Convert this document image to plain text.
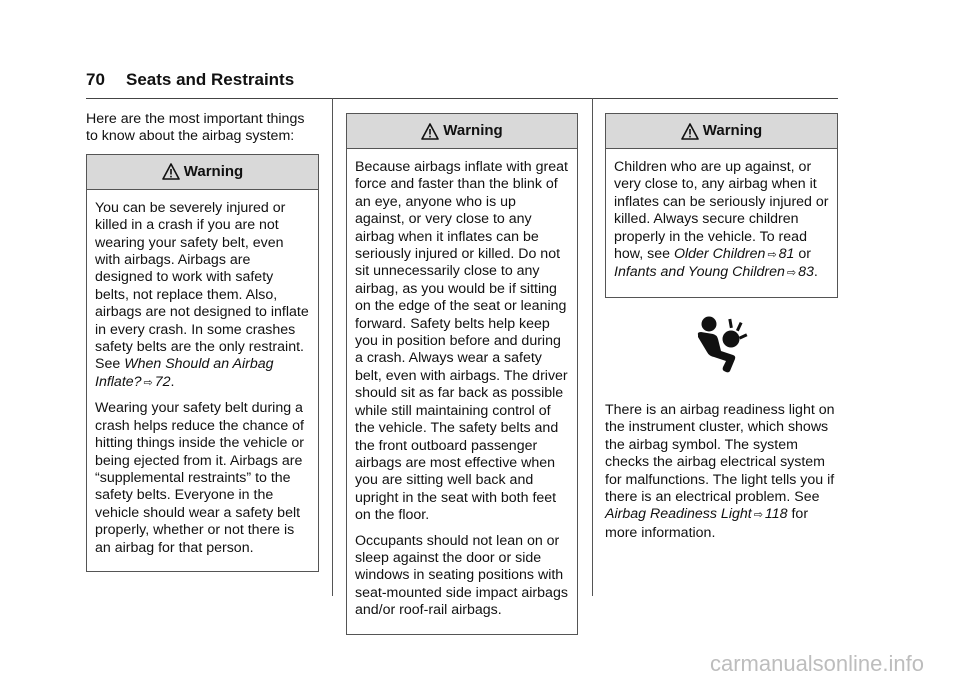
70 Seats and Restraints

Here are the most important things to know about the airbag system:

Warning

You can be severely injured or killed in a crash if you are not wearing your safety belt, even with airbags. Airbags are designed to work with safety belts, not replace them. Also, airbags are not designed to inflate in every crash. In some crashes safety belts are the only restraint. See When Should an Airbag Inflate? ⇨ 72.

Wearing your safety belt during a crash helps reduce the chance of hitting things inside the vehicle or being ejected from it. Airbags are “supplemental restraints” to the safety belts. Everyone in the vehicle should wear a safety belt properly, whether or not there is an airbag for that person.

Warning

Because airbags inflate with great force and faster than the blink of an eye, anyone who is up against, or very close to any airbag when it inflates can be seriously injured or killed. Do not sit unnecessarily close to any airbag, as you would be if sitting on the edge of the seat or leaning forward. Safety belts help keep you in position before and during a crash. Always wear a safety belt, even with airbags. The driver should sit as far back as possible while still maintaining control of the vehicle. The safety belts and the front outboard passenger airbags are most effective when you are sitting well back and upright in the seat with both feet on the floor.

Occupants should not lean on or sleep against the door or side windows in seating positions with seat-mounted side impact airbags and/or roof-rail airbags.

Warning

Children who are up against, or very close to, any airbag when it inflates can be seriously injured or killed. Always secure children properly in the vehicle. To read how, see Older Children ⇨ 81 or Infants and Young Children ⇨ 83.

There is an airbag readiness light on the instrument cluster, which shows the airbag symbol. The system checks the airbag electrical system for malfunctions. The light tells you if there is an electrical problem. See Airbag Readiness Light ⇨ 118 for more information.

carmanualsonline.info
